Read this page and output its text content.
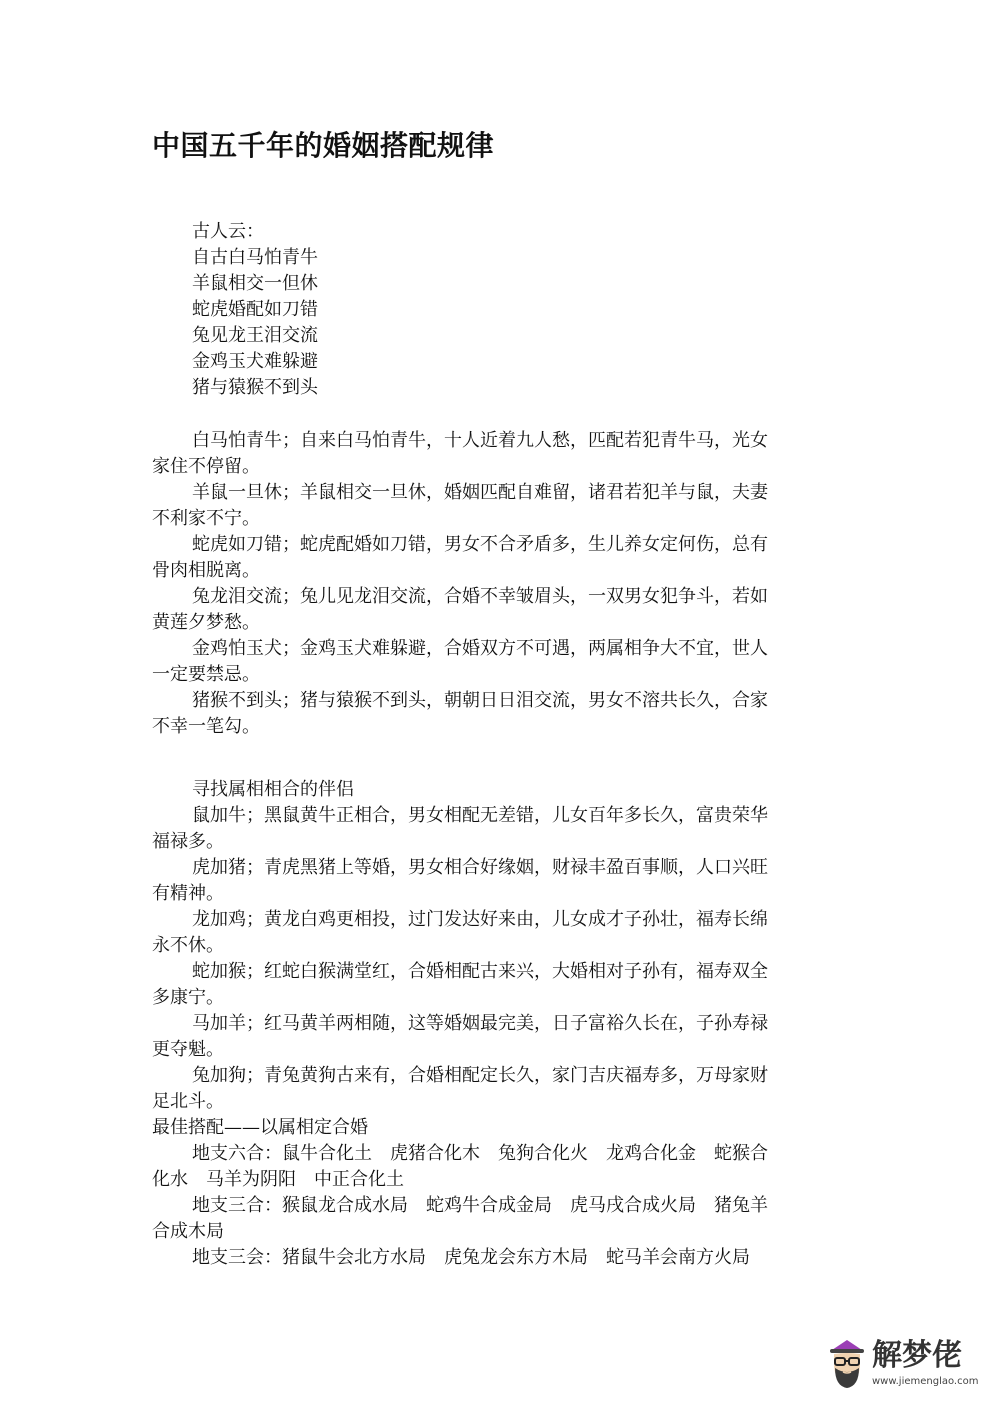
中国五千年的婚姻搭配规律
古人云：
自古白马怕青牛
羊鼠相交一但休
蛇虎婚配如刀错
兔见龙王泪交流
金鸡玉犬难躲避
猪与猿猴不到头
白马怕青牛；自来白马怕青牛，十人近着九人愁，匹配若犯青牛马，光女
家住不停留。
羊鼠一旦休；羊鼠相交一旦休，婚姻匹配自难留，诸君若犯羊与鼠，夫妻
不利家不宁。
蛇虎如刀错；蛇虎配婚如刀错，男女不合矛盾多，生儿养女定何伤，总有
骨肉相脱离。
兔龙泪交流；兔儿见龙泪交流，合婚不幸皱眉头，一双男女犯争斗，若如
黄莲夕梦愁。
金鸡怕玉犬；金鸡玉犬难躲避，合婚双方不可遇，两属相争大不宜，世人
一定要禁忌。
猪猴不到头；猪与猿猴不到头，朝朝日日泪交流，男女不溶共长久，合家
不幸一笔勾。
寻找属相相合的伴侣
鼠加牛；黑鼠黄牛正相合，男女相配无差错，儿女百年多长久，富贵荣华
福禄多。
虎加猪；青虎黑猪上等婚，男女相合好缘姻，财禄丰盈百事顺，人口兴旺
有精神。
龙加鸡；黄龙白鸡更相投，过门发达好来由，儿女成才子孙壮，福寿长绵
永不休。
蛇加猴；红蛇白猴满堂红，合婚相配古来兴，大婚相对子孙有，福寿双全
多康宁。
马加羊；红马黄羊两相随，这等婚姻最完美，日子富裕久长在，子孙寿禄
更夺魁。
兔加狗；青兔黄狗古来有，合婚相配定长久，家门吉庆福寿多，万母家财
足北斗。
最佳搭配——以属相定合婚
地支六合：鼠牛合化土　虎猪合化木　兔狗合化火　龙鸡合化金　蛇猴合
化水　马羊为阴阳　中正合化土
地支三合：猴鼠龙合成水局　蛇鸡牛合成金局　虎马戌合成火局　猪兔羊
合成木局
地支三会：猪鼠牛会北方水局　虎兔龙会东方木局　蛇马羊会南方火局
解梦佬
www.jiemenglao.com
